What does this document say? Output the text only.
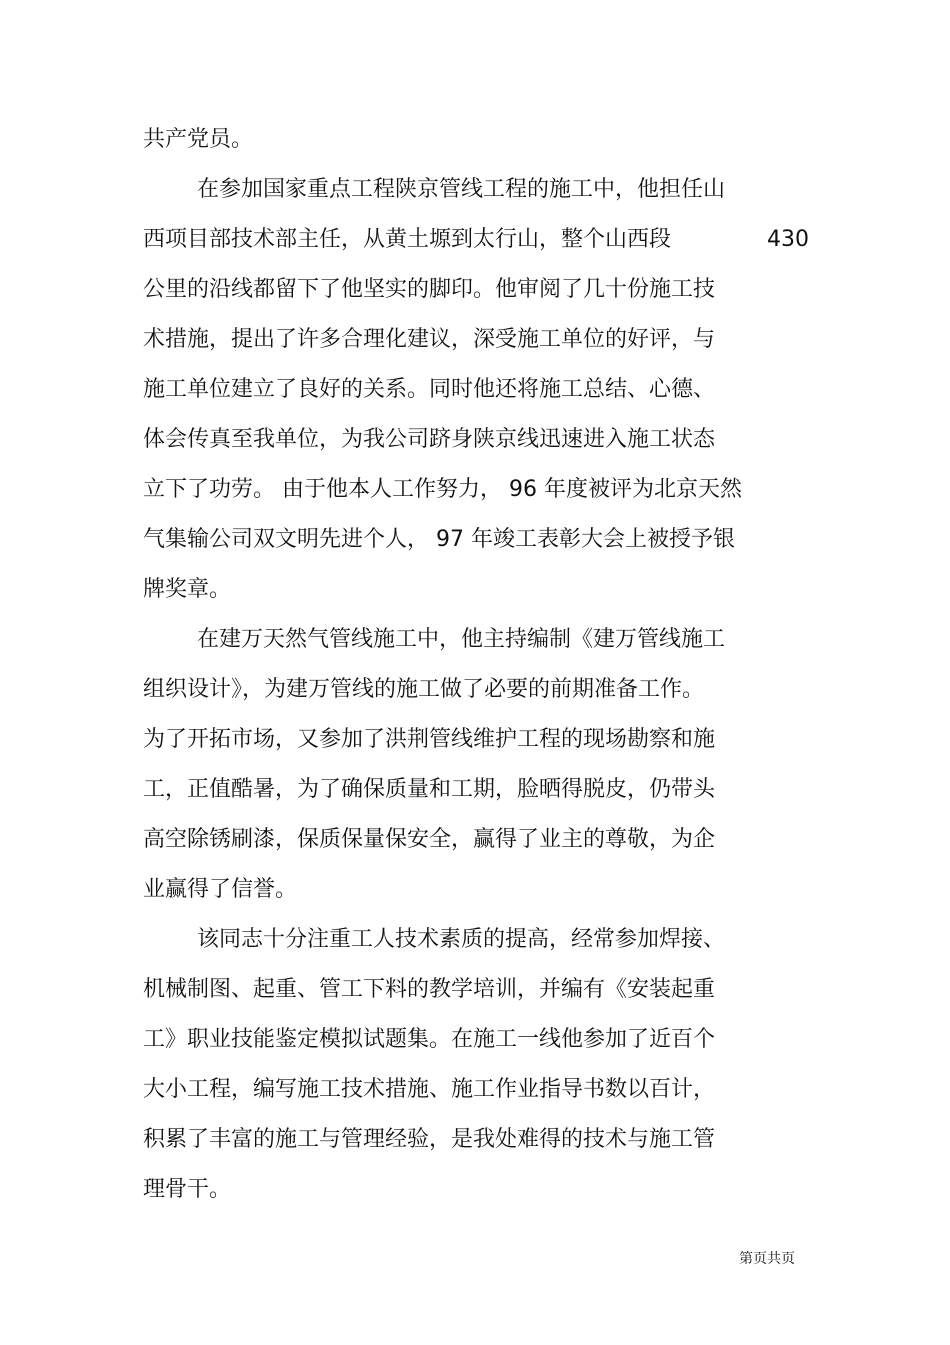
共产党员。
在参加国家重点工程陕京管线工程的施工中，他担任山
西项目部技术部主任，从黄土塬到太行山，整个山西段	430
公里的沿线都留下了他坚实的脚印。他审阅了几十份施工技
术措施，提出了许多合理化建议，深受施工单位的好评，与
施工单位建立了良好的关系。同时他还将施工总结、心德、
体会传真至我单位，为我公司跻身陕京线迅速进入施工状态
立下了功劳。 由于他本人工作努力， 96 年度被评为北京天然
气集输公司双文明先进个人， 97 年竣工表彰大会上被授予银
牌奖章。
在建万天然气管线施工中，他主持编制《建万管线施工
组织设计》，为建万管线的施工做了必要的前期准备工作。
为了开拓市场，又参加了洪荆管线维护工程的现场勘察和施
工，正值酷暑，为了确保质量和工期，脸晒得脱皮，仍带头
高空除锈刷漆，保质保量保安全，赢得了业主的尊敬，为企
业赢得了信誉。
该同志十分注重工人技术素质的提高，经常参加焊接、
机械制图、起重、管工下料的教学培训，并编有《安装起重
工》职业技能鉴定模拟试题集。在施工一线他参加了近百个
大小工程，编写施工技术措施、施工作业指导书数以百计，
积累了丰富的施工与管理经验，是我处难得的技术与施工管
理骨干。
第页共页
